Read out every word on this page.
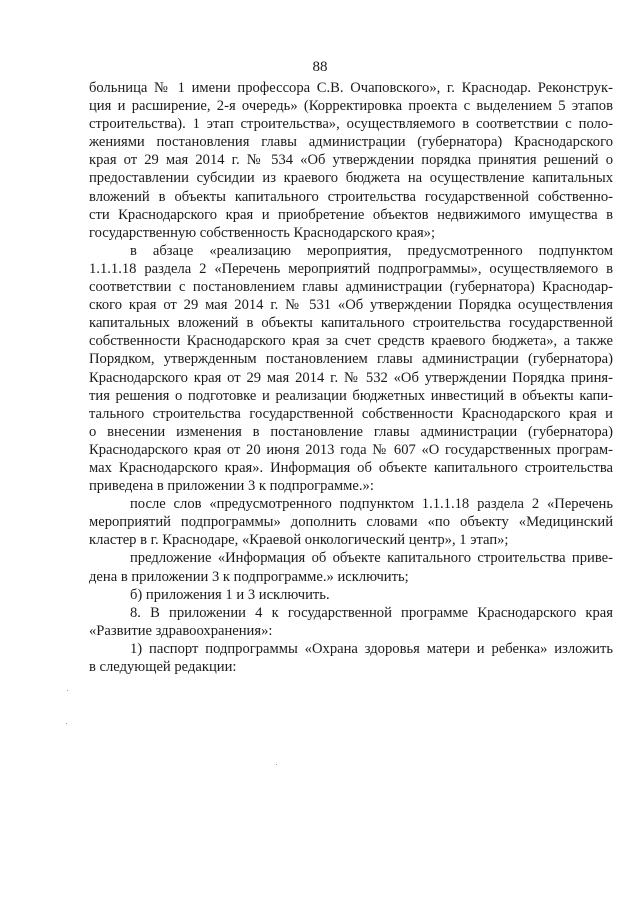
88
больница № 1 имени профессора С.В. Очаповского», г. Краснодар. Реконструк-
ция и расширение, 2-я очередь» (Корректировка проекта с выделением 5 этапов
строительства). 1 этап строительства», осуществляемого в соответствии с поло-
жениями постановления главы администрации (губернатора) Краснодарского
края от 29 мая 2014 г. № 534 «Об утверждении порядка принятия решений о
предоставлении субсидии из краевого бюджета на осуществление капитальных
вложений в объекты капитального строительства государственной собственно-
сти Краснодарского края и приобретение объектов недвижимого имущества в
государственную собственность Краснодарского края»;
в абзаце «реализацию мероприятия, предусмотренного подпунктом
1.1.1.18 раздела 2 «Перечень мероприятий подпрограммы», осуществляемого в
соответствии с постановлением главы администрации (губернатора) Краснодар-
ского края от 29 мая 2014 г. № 531 «Об утверждении Порядка осуществления
капитальных вложений в объекты капитального строительства государственной
собственности Краснодарского края за счет средств краевого бюджета», а также
Порядком, утвержденным постановлением главы администрации (губернатора)
Краснодарского края от 29 мая 2014 г. № 532 «Об утверждении Порядка приня-
тия решения о подготовке и реализации бюджетных инвестиций в объекты капи-
тального строительства государственной собственности Краснодарского края и
о внесении изменения в постановление главы администрации (губернатора)
Краснодарского края от 20 июня 2013 года № 607 «О государственных програм-
мах Краснодарского края». Информация об объекте капитального строительства
приведена в приложении 3 к подпрограмме.»:
после слов «предусмотренного подпунктом 1.1.1.18 раздела 2 «Перечень
мероприятий подпрограммы» дополнить словами «по объекту «Медицинский
кластер в г. Краснодаре, «Краевой онкологический центр», 1 этап»;
предложение «Информация об объекте капитального строительства приве-
дена в приложении 3 к подпрограмме.» исключить;
б) приложения 1 и 3 исключить.
8. В приложении 4 к государственной программе Краснодарского края
«Развитие здравоохранения»:
1) паспорт подпрограммы «Охрана здоровья матери и ребенка» изложить
в следующей редакции:
